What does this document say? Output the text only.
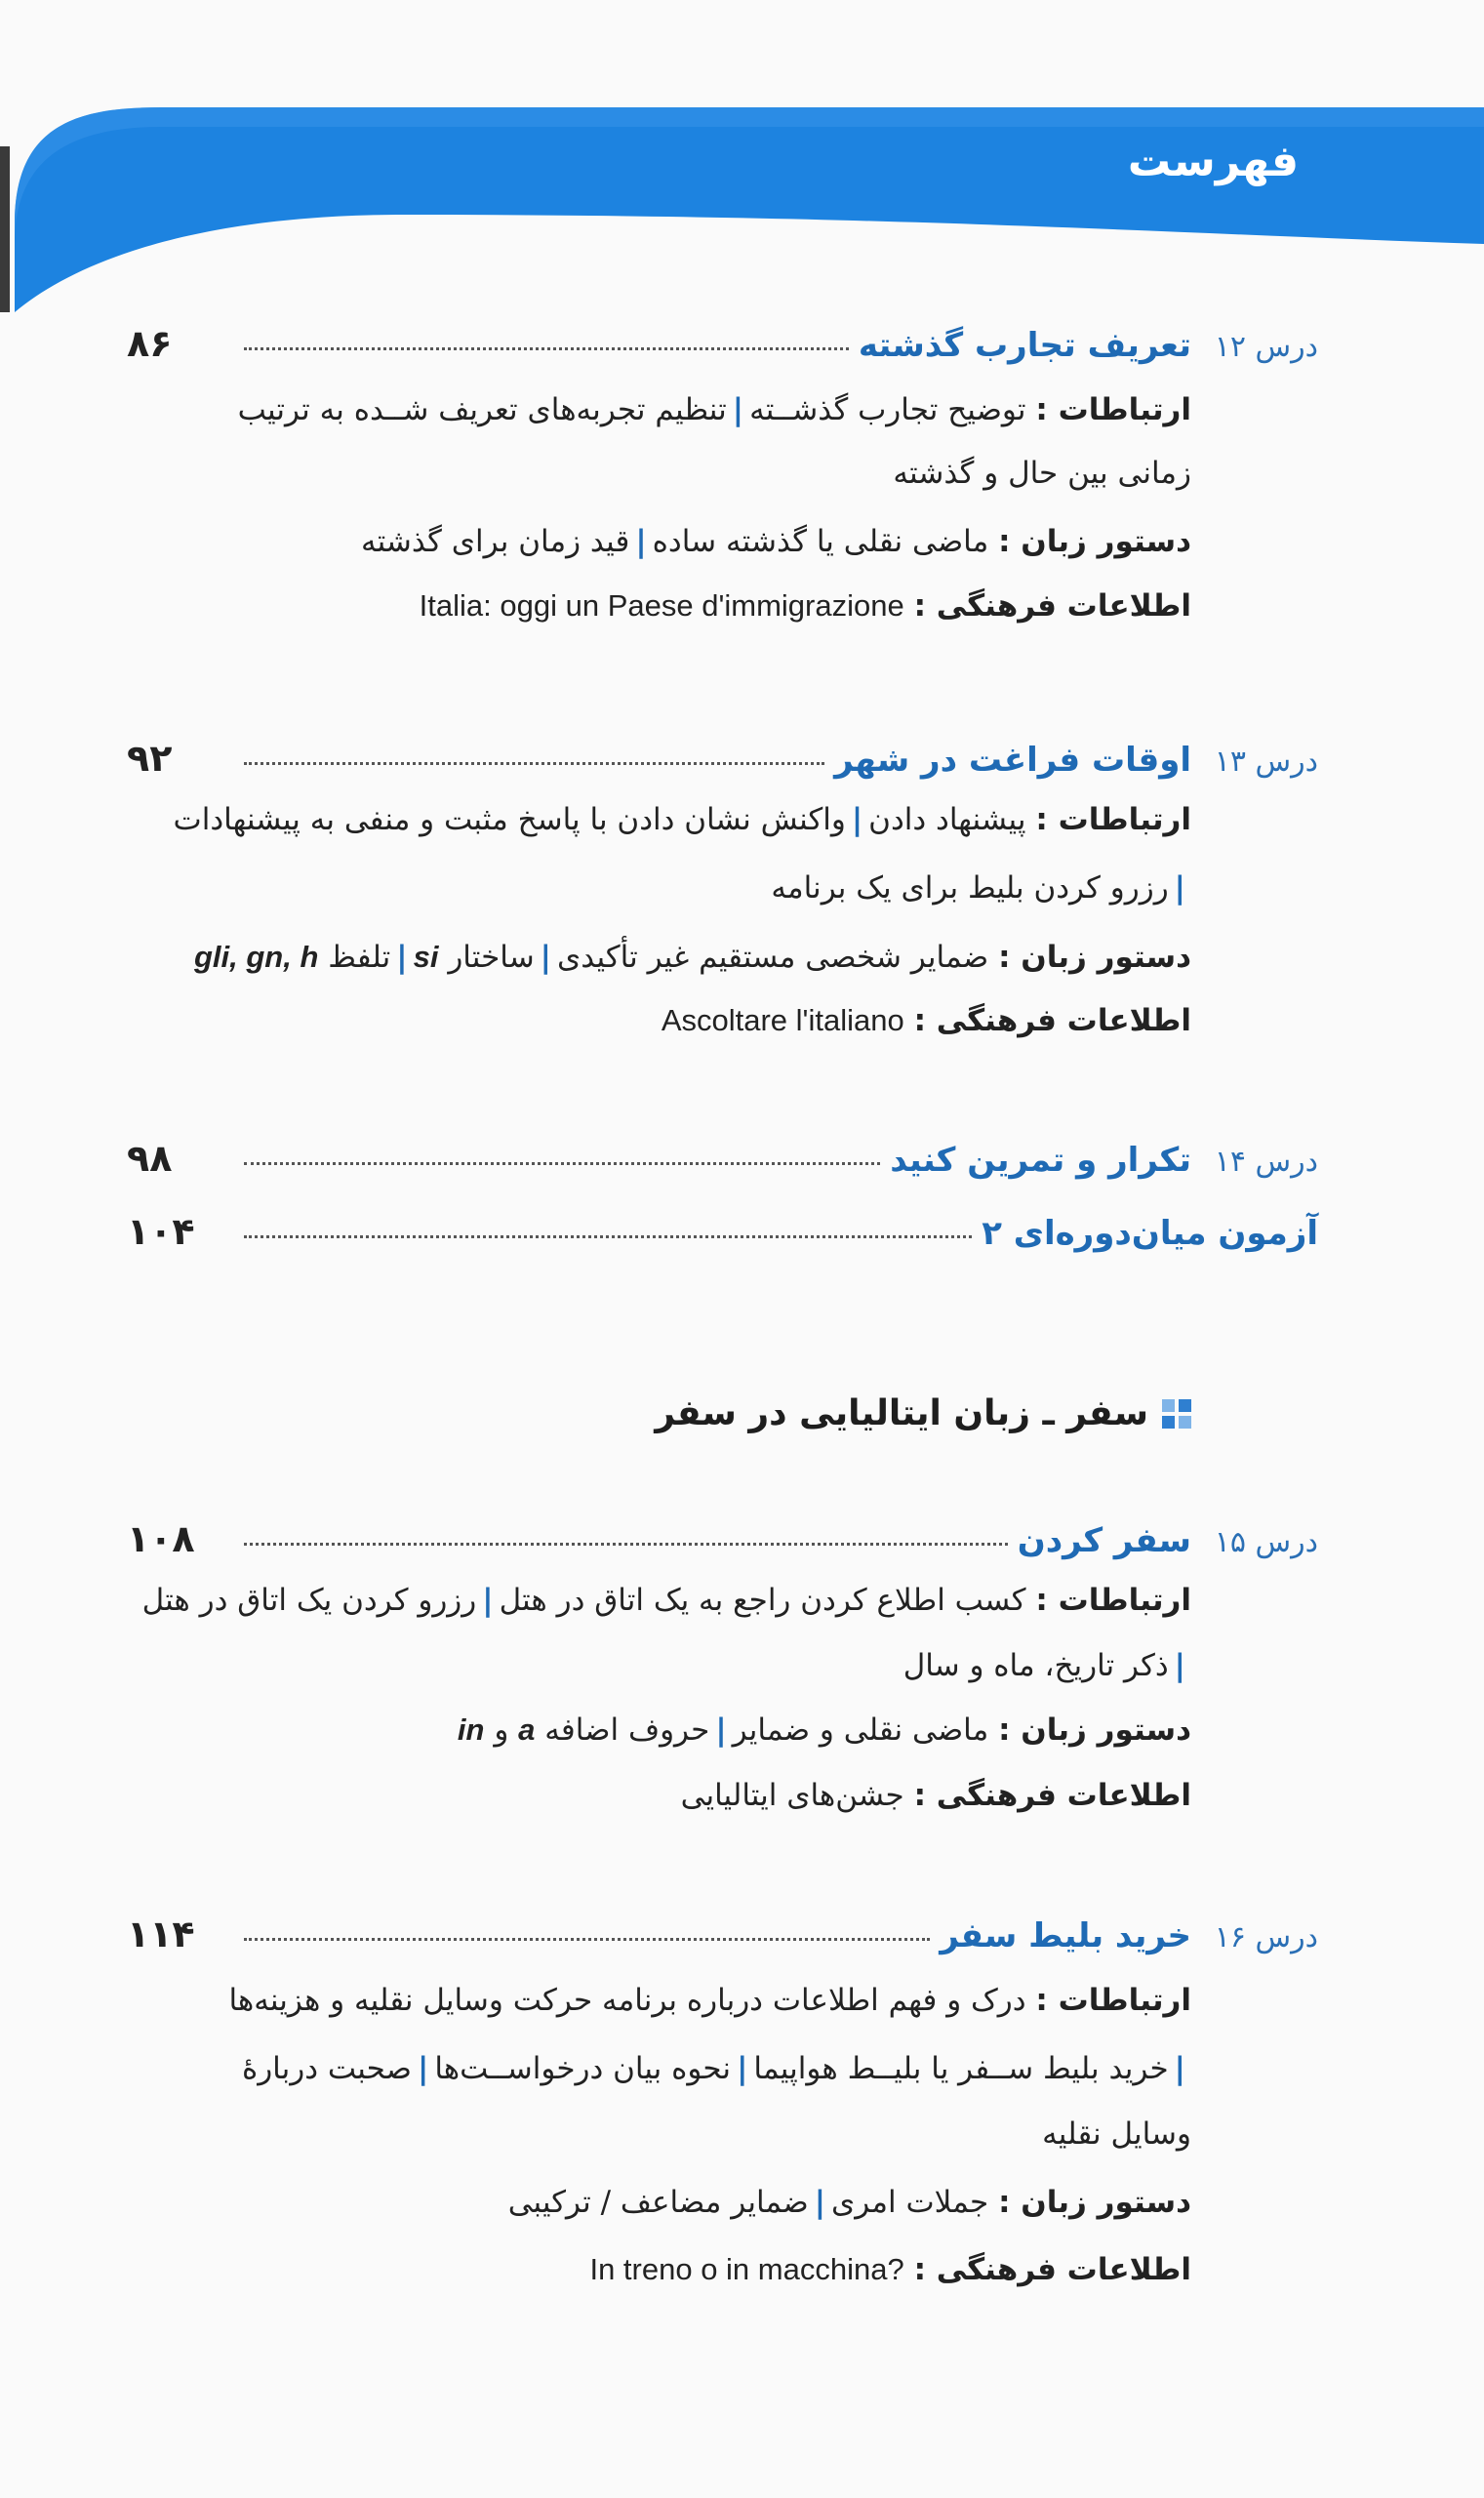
فهرست
درس ۱۲
تعریف تجارب گذشته
۸۶
ارتباطات : توضیح تجارب گذشــته|تنظیم تجربه‌های تعریف شــده به ترتیب
زمانی بین حال و گذشته
دستور زبان : ماضی نقلی یا گذشته ساده|قید زمان برای گذشته
اطلاعات فرهنگی : Italia: oggi un Paese d'immigrazione
درس ۱۳
اوقات فراغت در شهر
۹۲
ارتباطات : پیشنهاد دادن|واکنش نشان دادن با پاسخ مثبت و منفی به پیشنهادات
|رزرو کردن بلیط برای یک برنامه
دستور زبان : ضمایر شخصی مستقیم غیر تأکیدی|ساختار si|تلفظ gli, gn, h
اطلاعات فرهنگی : Ascoltare l'italiano
درس ۱۴
تکرار و تمرین کنید
۹۸
آزمون میان‌دوره‌ای ۲
۱۰۴
سفر ـ زبان ایتالیایی در سفر
درس ۱۵
سفر کردن
۱۰۸
ارتباطات : کسب اطلاع کردن راجع به یک اتاق در هتل|رزرو کردن یک اتاق در هتل
|ذکر تاریخ، ماه و سال
دستور زبان : ماضی نقلی و ضمایر|حروف اضافه a و in
اطلاعات فرهنگی : جشن‌های ایتالیایی
درس ۱۶
خرید بلیط سفر
۱۱۴
ارتباطات : درک و فهم اطلاعات درباره برنامه حرکت وسایل نقلیه و هزینه‌ها
|خرید بلیط ســفر یا بلیــط هواپیما|نحوه بیان درخواســت‌ها|صحبت دربارهٔ
وسایل نقلیه
دستور زبان : جملات امری|ضمایر مضاعف / ترکیبی
اطلاعات فرهنگی : In treno o in macchina?
